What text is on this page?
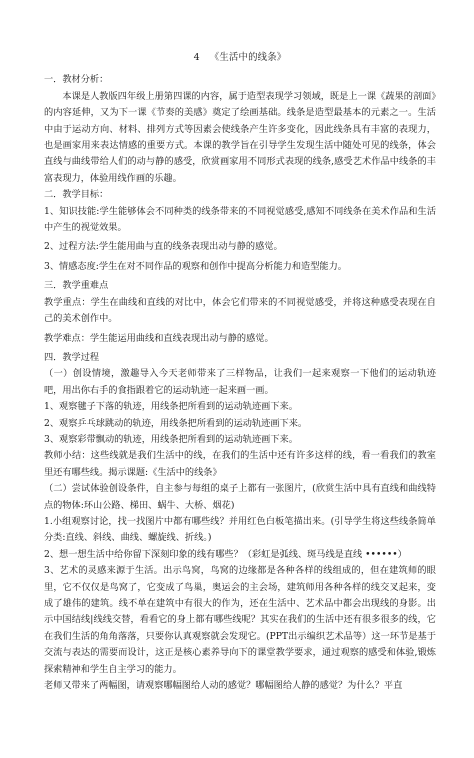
4 《生活中的线条》
一．教材分析：
本课是人教版四年级上册第四课的内容，属于造型表现学习领域，既是上一课《蔬果的剖面》的内容延伸，又为下一课《节奏的美感》奠定了绘画基础。线条是造型最基本的元素之一。生活中由于运动方向、材料、排列方式等因素会使线条产生许多变化，因此线条具有丰富的表现力，也是画家用来表达情感的重要方式。本课的教学旨在引导学生发现生活中随处可见的线条，体会直线与曲线带给人们的动与静的感受，欣赏画家用不同形式表现的线条,感受艺术作品中线条的丰富表现力，体验用线作画的乐趣。
二．教学目标：
1、知识技能:学生能够体会不同种类的线条带来的不同视觉感受,感知不同线条在美术作品和生活中产生的视觉效果。
2、过程方法:学生能用曲与直的线条表现出动与静的感觉。
3、情感态度:学生在对不同作品的观察和创作中提高分析能力和造型能力。
三．教学重难点
教学重点：学生在曲线和直线的对比中，体会它们带来的不同视觉感受，并将这种感受表现在自己的美术创作中。
教学难点：学生能运用曲线和直线表现出动与静的感觉。
四．教学过程
（一）创设情境，激趣导入今天老师带来了三样物品，让我们一起来观察一下他们的运动轨迹吧，用出你右手的食指跟着它的运动轨迹一起来画一画。
1、观察毽子下落的轨迹，用线条把所看到的运动轨迹画下来。
2、观察乒乓球跳动的轨迹，用线条把所看到的运动轨迹画下来。
3、观察彩带飘动的轨迹，用线条把所看到的运动轨迹画下来。
教师小结：这些线就是我们生活中的线，在我们的生活中还有许多这样的线，看一看我们的教室里还有哪些线。揭示课题:《生活中的线条》
（二）尝试体验创设条件，自主参与每组的桌子上都有一张图片，(欣赏生活中具有直线和曲线特点的物体:环山公路、梯田、蜗牛、大桥、烟花)
1.小组观察讨论，找一找图片中都有哪些线？并用红色白板笔描出来。(引导学生将这些线条简单分类:直线、斜线、曲线、螺旋线、折线。)
2、想一想生活中给你留下深刻印象的线有哪些？（彩虹是弧线、斑马线是直线 ••••••）
3、艺术的灵感来源于生活。出示鸟窝，鸟窝的边缘都是各种各样的线组成的，但在建筑师的眼里，它不仅仅是鸟窝了，它变成了鸟巢，奥运会的主会场，建筑师用各种各样的线交叉起来，变成了雄伟的建筑。线不单在建筑中有很大的作为，还在生活中、艺术品中都会出现线的身影。出示中国结线|线线交替，看看它的身上都有哪些线呢？其实在我们的生活中还有很多很多的线，它在我们生活的角角落落，只要你认真观察就会发现它。(PPT出示编织艺术品等）这一环节是基于交流与表达的需要而设计，这正是核心素养导向下的课堂教学要求，通过观察的感受和体验,锻炼探索精神和学生自主学习的能力。
老师又带来了两幅图，请观察哪幅图给人动的感觉？哪幅图给人静的感觉？为什么？平直
